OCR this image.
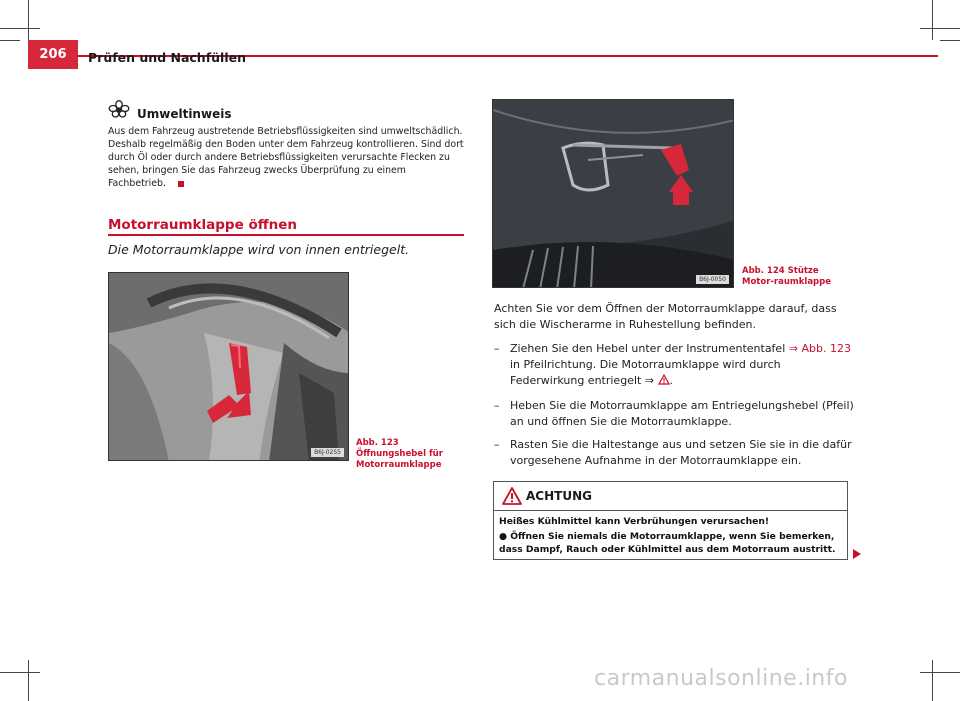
206	Prüfen und Nachfüllen
Umweltinweis
Aus dem Fahrzeug austretende Betriebsflüssigkeiten sind umweltschädlich. Deshalb regelmäßig den Boden unter dem Fahrzeug kontrollieren. Sind dort durch Öl oder durch andere Betriebsflüssigkeiten verursachte Flecken zu sehen, bringen Sie das Fahrzeug zwecks Überprüfung zu einem Fachbetrieb.
Motorraumklappe öffnen
Die Motorraumklappe wird von innen entriegelt.
B6J-0255
Abb. 123 Öffnungshebel für Motorraumklappe
B6J-0050
Abb. 124 Stütze Motor-raumklappe
Achten Sie vor dem Öffnen der Motorraumklappe darauf, dass sich die Wischerarme in Ruhestellung befinden.
– Ziehen Sie den Hebel unter der Instrumententafel ⇒ Abb. 123 in Pfeilrichtung. Die Motorraumklappe wird durch Federwirkung entriegelt ⇒ .
– Heben Sie die Motorraumklappe am Entriegelungshebel (Pfeil) an und öffnen Sie die Motorraumklappe.
– Rasten Sie die Haltestange aus und setzen Sie sie in die dafür vorgesehene Aufnahme in der Motorraumklappe ein.
ACHTUNG
Heißes Kühlmittel kann Verbrühungen verursachen!
● Öffnen Sie niemals die Motorraumklappe, wenn Sie bemerken, dass Dampf, Rauch oder Kühlmittel aus dem Motorraum austritt.
carmanualsonline.info
